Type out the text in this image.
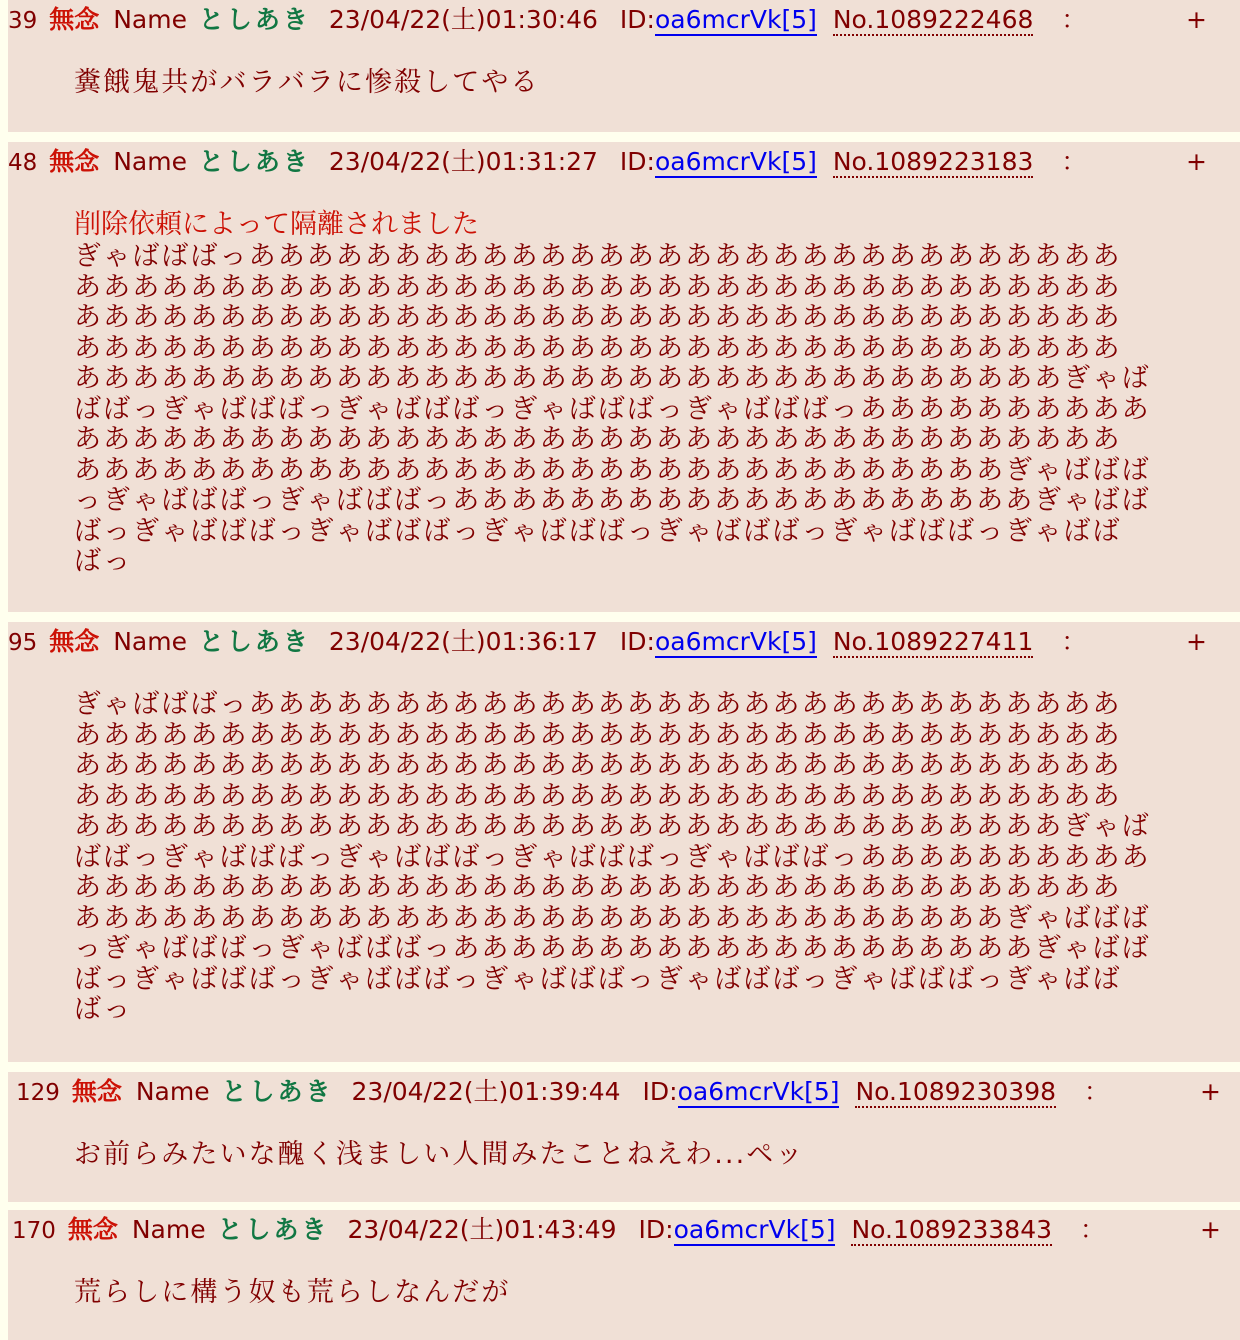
39 無念 Name としあき 23/04/22(土)01:30:46 ID:oa6mcrVk[5] No.1089222468 ：	+
糞餓鬼共がバラバラに惨殺してやる
48 無念 Name としあき 23/04/22(土)01:31:27 ID:oa6mcrVk[5] No.1089223183 ：	+
削除依頼によって隔離されました
ぎゃばばばっああああああああああああああああああああああああああああああ
ああああああああああああああああああああああああああああああああああああ
ああああああああああああああああああああああああああああああああああああ
ああああああああああああああああああああああああああああああああああああ
ああああああああああああああああああああああああああああああああああぎゃば
ばばっぎゃばばばっぎゃばばばっぎゃばばばっぎゃばばばっああああああああああ
ああああああああああああああああああああああああああああああああああああ
ああああああああああああああああああああああああああああああああぎゃばばば
っぎゃばばばっぎゃばばばっああああああああああああああああああああぎゃばば
ばっぎゃばばばっぎゃばばばっぎゃばばばっぎゃばばばっぎゃばばばっぎゃばば
ばっ
95 無念 Name としあき 23/04/22(土)01:36:17 ID:oa6mcrVk[5] No.1089227411 ：	+
ぎゃばばばっああああああああああああああああああああああああああああああ
ああああああああああああああああああああああああああああああああああああ
ああああああああああああああああああああああああああああああああああああ
ああああああああああああああああああああああああああああああああああああ
ああああああああああああああああああああああああああああああああああぎゃば
ばばっぎゃばばばっぎゃばばばっぎゃばばばっぎゃばばばっああああああああああ
ああああああああああああああああああああああああああああああああああああ
ああああああああああああああああああああああああああああああああぎゃばばば
っぎゃばばばっぎゃばばばっああああああああああああああああああああぎゃばば
ばっぎゃばばばっぎゃばばばっぎゃばばばっぎゃばばばっぎゃばばばっぎゃばば
ばっ
129 無念 Name としあき 23/04/22(土)01:39:44 ID:oa6mcrVk[5] No.1089230398 ：	+
お前らみたいな醜く浅ましい人間みたことねえわ...ペッ
170 無念 Name としあき 23/04/22(土)01:43:49 ID:oa6mcrVk[5] No.1089233843 ：	+
荒らしに構う奴も荒らしなんだが
